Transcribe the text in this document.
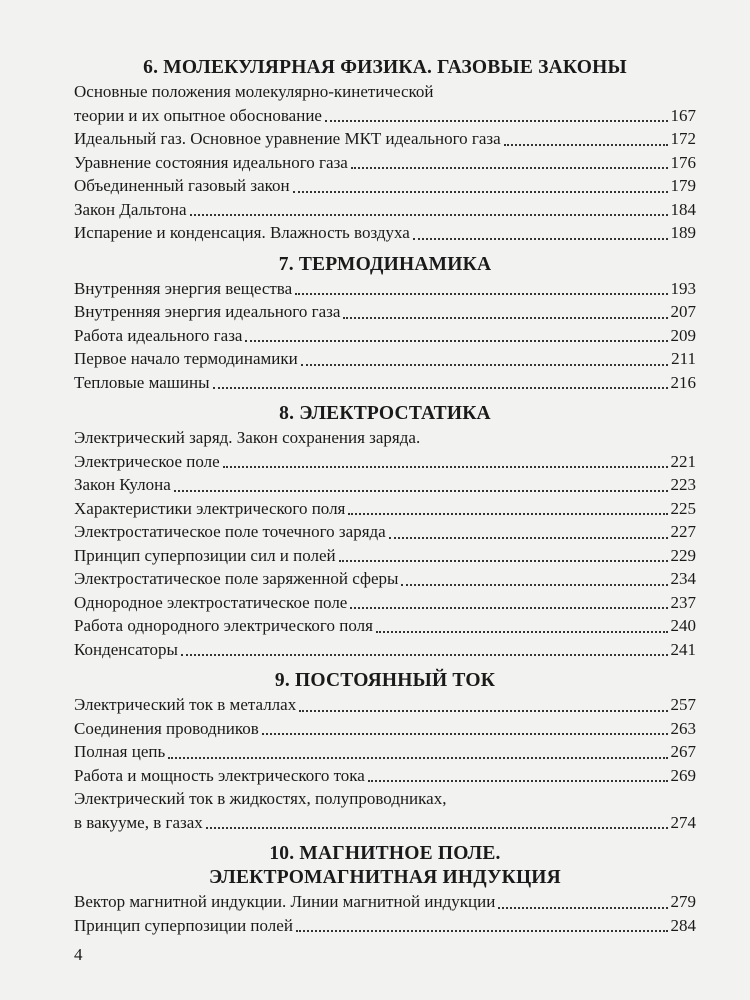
6. МОЛЕКУЛЯРНАЯ ФИЗИКА. ГАЗОВЫЕ ЗАКОНЫ
Основные положения молекулярно-кинетической
теории и их опытное обоснование	167
Идеальный газ. Основное уравнение МКТ идеального газа	172
Уравнение состояния идеального газа	176
Объединенный газовый закон	179
Закон Дальтона	184
Испарение и конденсация. Влажность воздуха	189
7. ТЕРМОДИНАМИКА
Внутренняя энергия вещества	193
Внутренняя энергия идеального газа	207
Работа идеального газа	209
Первое начало термодинамики	211
Тепловые машины	216
8. ЭЛЕКТРОСТАТИКА
Электрический заряд. Закон сохранения заряда.
Электрическое поле	221
Закон Кулона	223
Характеристики электрического поля	225
Электростатическое поле точечного заряда	227
Принцип суперпозиции сил и полей	229
Электростатическое поле заряженной сферы	234
Однородное электростатическое поле	237
Работа однородного электрического поля	240
Конденсаторы	241
9. ПОСТОЯННЫЙ ТОК
Электрический ток в металлах	257
Соединения проводников	263
Полная цепь	267
Работа и мощность электрического тока	269
Электрический ток в жидкостях, полупроводниках,
в вакууме, в газах	274
10. МАГНИТНОЕ ПОЛЕ.
ЭЛЕКТРОМАГНИТНАЯ ИНДУКЦИЯ
Вектор магнитной индукции. Линии магнитной индукции	279
Принцип суперпозиции полей	284
4
